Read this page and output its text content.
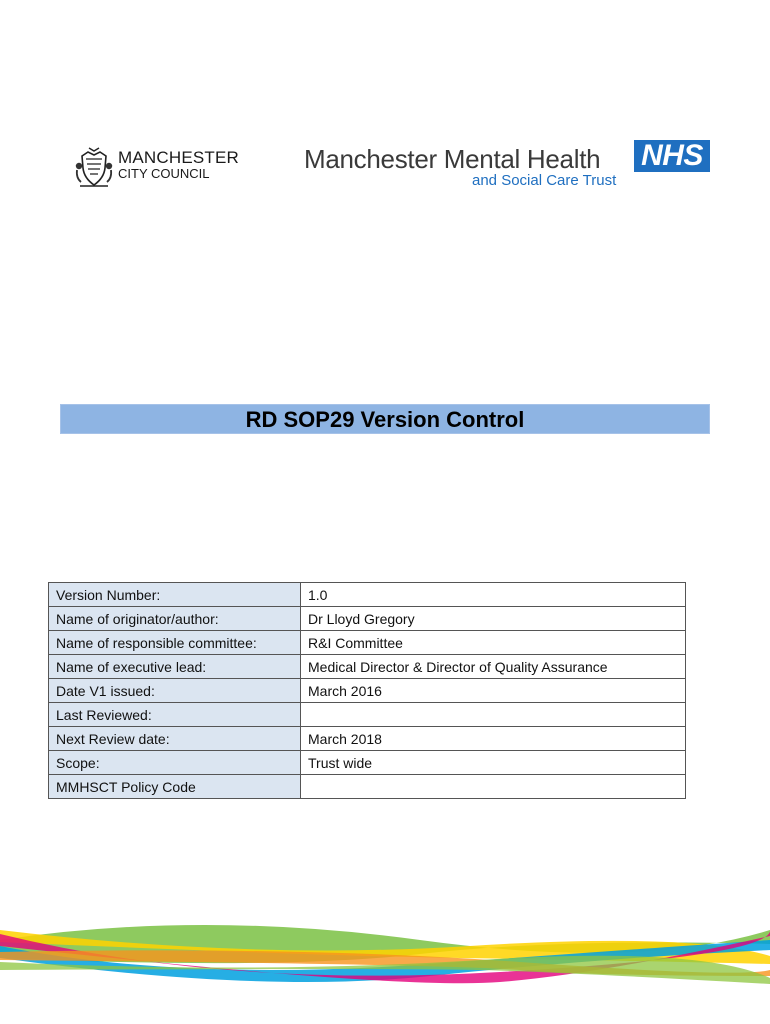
MANCHESTER
CITY COUNCIL	Manchester Mental Health
and Social Care Trust
NHS
RD SOP29 Version Control
Version Number:	1.0
Name of originator/author:	Dr Lloyd Gregory
Name of responsible committee:	R&I Committee
Name of executive lead:	Medical Director & Director of Quality Assurance
Date V1 issued:	March 2016
Last Reviewed:	
Next Review date:	March 2018
Scope:	Trust wide
MMHSCT Policy Code	
